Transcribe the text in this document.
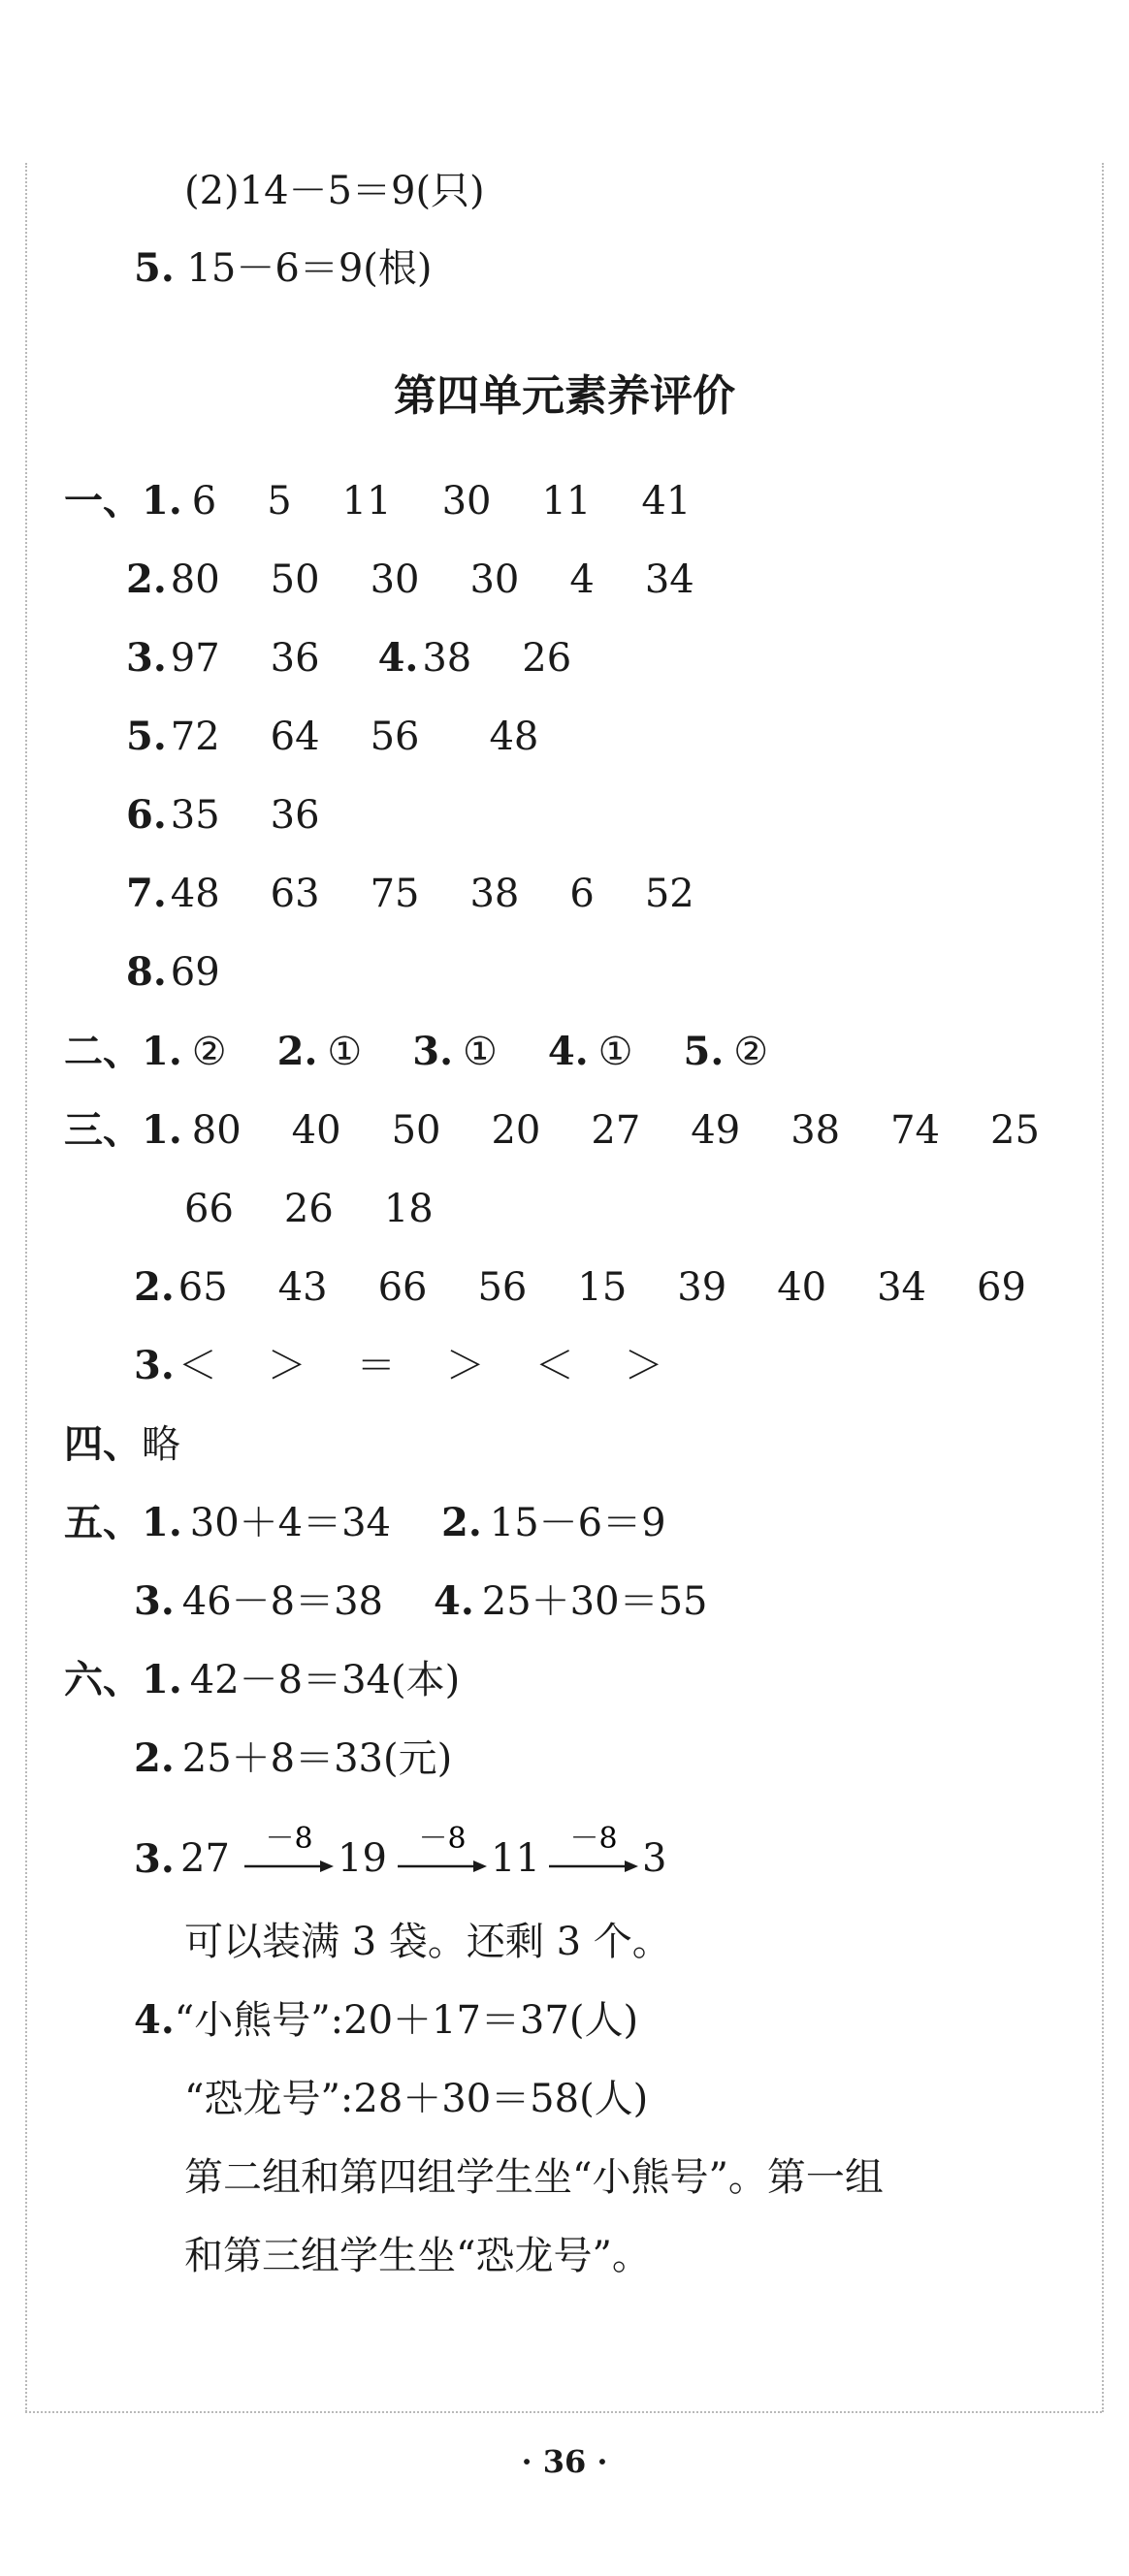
(2)14－5＝9(只)
5. 15－6＝9(根)
第四单元素养评价
一、1. 6 5 11 30 11 41
2. 80 50 30 30 4 34
3. 97 36 4. 38 26
5. 72 64 56 48
6. 35 36
7. 48 63 75 38 6 52
8. 69
二、1. ② 2. ① 3. ① 4. ① 5. ②
三、1. 80 40 50 20 27 49 38 74 25
66 26 18
2. 65 43 66 56 15 39 40 34 69
3. ＜ ＞ ＝ ＞ ＜ ＞
四、略
五、1. 30＋4＝34 2. 15－6＝9
3. 46－8＝38 4. 25＋30＝55
六、1. 42－8＝34(本)
2. 25＋8＝33(元)
3. 27 －8 19 －8 11 －8 3
可以装满 3 袋。还剩 3 个。
4.“小熊号”:20＋17＝37(人)
“恐龙号”:28＋30＝58(人)
第二组和第四组学生坐“小熊号”。第一组
和第三组学生坐“恐龙号”。
· 36 ·
